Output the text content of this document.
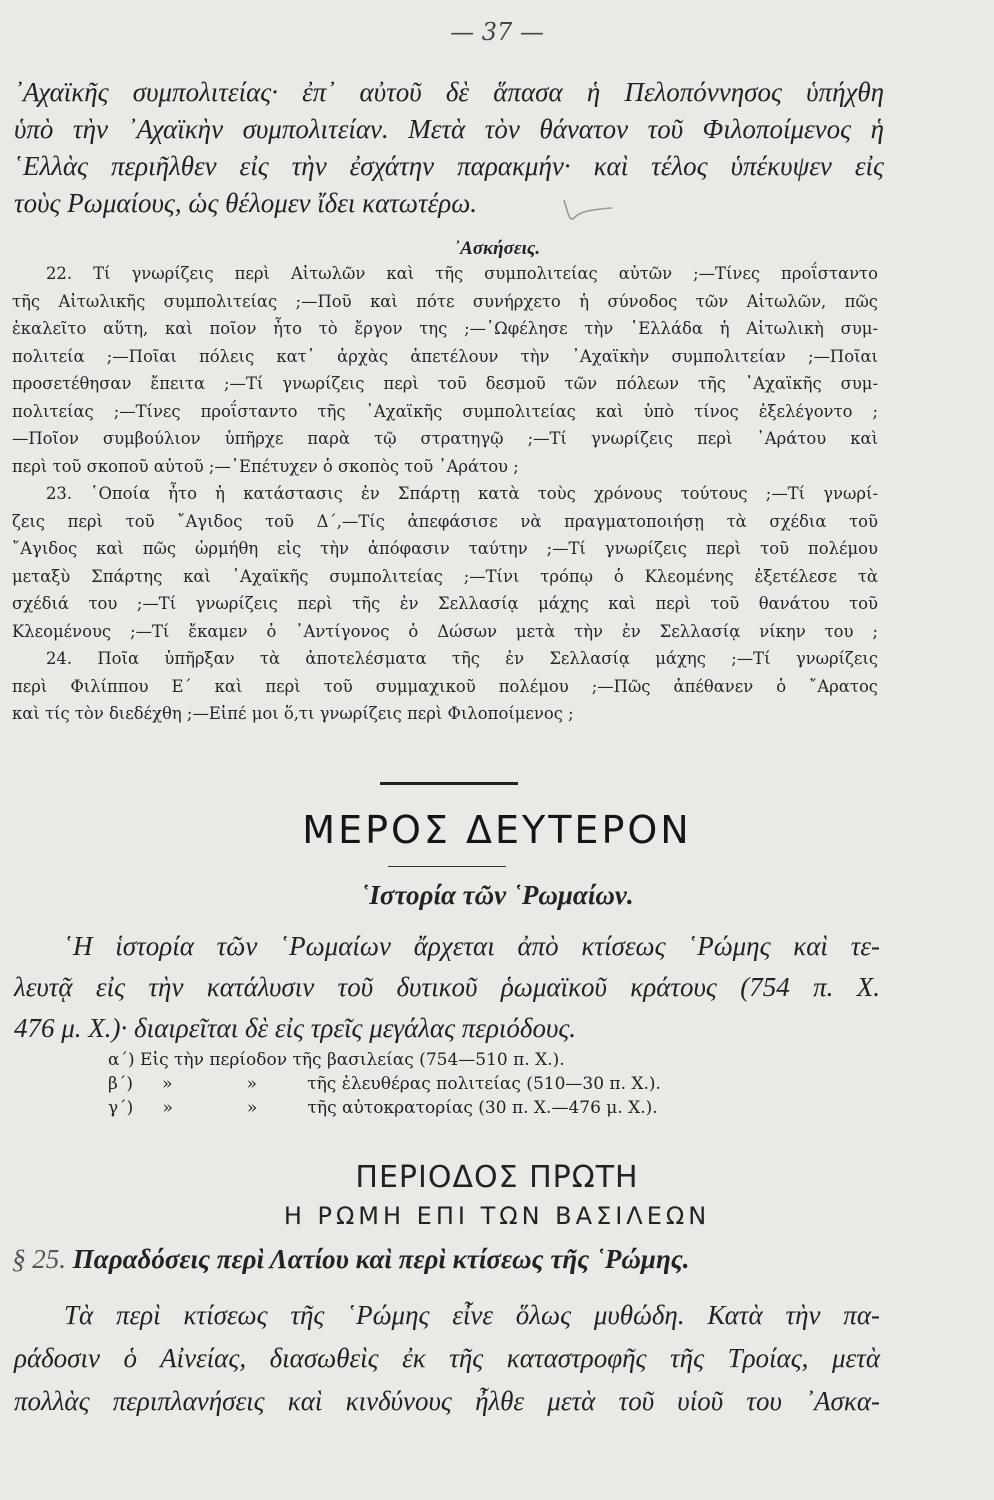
— 37 —
᾿Αχαϊκῆς συμπολιτείας· ἐπ᾿ αὐτοῦ δὲ ἅπασα ἡ Πελοπόννησος ὑπήχθη
ὑπὸ τὴν ᾿Αχαϊκὴν συμπολιτείαν. Μετὰ τὸν θάνατον τοῦ Φιλοποίμενος ἡ
῾Ελλὰς περιῆλθεν εἰς τὴν ἐσχάτην παρακμήν· καὶ τέλος ὑπέκυψεν εἰς
τοὺς Ρωμαίους, ὡς θέλομεν ἴδει κατωτέρω.
᾿Ασκήσεις.
22. Τί γνωρίζεις περὶ Αἰτωλῶν καὶ τῆς συμπολιτείας αὐτῶν ;—Τίνες προΐσταντο
τῆς Αἰτωλικῆς συμπολιτείας ;—Ποῦ καὶ πότε συνήρχετο ἡ σύνοδος τῶν Αἰτωλῶν, πῶς
ἐκαλεῖτο αὕτη, καὶ ποῖον ἦτο τὸ ἔργον της ;—᾿Ωφέλησε τὴν ῾Ελλάδα ἡ Αἰτωλικὴ συμ-
πολιτεία ;—Ποῖαι πόλεις κατ᾿ ἀρχὰς ἀπετέλουν τὴν ᾿Αχαϊκὴν συμπολιτείαν ;—Ποῖαι
προσετέθησαν ἔπειτα ;—Τί γνωρίζεις περὶ τοῦ δεσμοῦ τῶν πόλεων τῆς ᾿Αχαϊκῆς συμ-
πολιτείας ;—Τίνες προΐσταντο τῆς ᾿Αχαϊκῆς συμπολιτείας καὶ ὑπὸ τίνος ἐξελέγοντο ;
—Ποῖον συμβούλιον ὑπῆρχε παρὰ τῷ στρατηγῷ ;—Τί γνωρίζεις περὶ ᾿Αράτου καὶ
περὶ τοῦ σκοποῦ αὐτοῦ ;—᾿Επέτυχεν ὁ σκοπὸς τοῦ ᾿Αράτου ;
23. ῾Οποία ἦτο ἡ κατάστασις ἐν Σπάρτῃ κατὰ τοὺς χρόνους τούτους ;—Τί γνωρί-
ζεις περὶ τοῦ ῎Αγιδος τοῦ Δ΄,—Τίς ἀπεφάσισε νὰ πραγματοποιήσῃ τὰ σχέδια τοῦ
῎Αγιδος καὶ πῶς ὡρμήθη εἰς τὴν ἀπόφασιν ταύτην ;—Τί γνωρίζεις περὶ τοῦ πολέμου
μεταξὺ Σπάρτης καὶ ᾿Αχαϊκῆς συμπολιτείας ;—Τίνι τρόπῳ ὁ Κλεομένης ἐξετέλεσε τὰ
σχέδιά του ;—Τί γνωρίζεις περὶ τῆς ἐν Σελλασίᾳ μάχης καὶ περὶ τοῦ θανάτου τοῦ
Κλεομένους ;—Τί ἔκαμεν ὁ ᾿Αντίγονος ὁ Δώσων μετὰ τὴν ἐν Σελλασίᾳ νίκην του ;
24. Ποῖα ὑπῆρξαν τὰ ἀποτελέσματα τῆς ἐν Σελλασίᾳ μάχης ;—Τί γνωρίζεις
περὶ Φιλίππου Ε΄ καὶ περὶ τοῦ συμμαχικοῦ πολέμου ;—Πῶς ἀπέθανεν ὁ ῎Αρατος
καὶ τίς τὸν διεδέχθη ;—Εἰπέ μοι ὅ,τι γνωρίζεις περὶ Φιλοποίμενος ;
ΜΕΡΟΣ ΔΕΥΤΕΡΟΝ
῾Ιστορία τῶν ῾Ρωμαίων.
῾Η ἱστορία τῶν ῾Ρωμαίων ἄρχεται ἀπὸ κτίσεως ῾Ρώμης καὶ τε-
λευτᾷ εἰς τὴν κατάλυσιν τοῦ δυτικοῦ ῥωμαϊκοῦ κράτους (754 π. Χ.
476 μ. Χ.)· διαιρεῖται δὲ εἰς τρεῖς μεγάλας περιόδους.
α΄) Εἰς τὴν περίοδον τῆς βασιλείας (754—510 π. Χ.).
β΄) »	»	τῆς ἐλευθέρας πολιτείας (510—30 π. Χ.).
γ΄) »	»	τῆς αὐτοκρατορίας (30 π. Χ.—476 μ. Χ.).
ΠΕΡΙΟΔΟΣ ΠΡΩΤΗ
Η ΡΩΜΗ ΕΠΙ ΤΩΝ ΒΑΣΙΛΕΩΝ
§ 25. Παραδόσεις περὶ Λατίου καὶ περὶ κτίσεως τῆς ῾Ρώμης.
Τὰ περὶ κτίσεως τῆς ῾Ρώμης εἶνε ὅλως μυθώδη. Κατὰ τὴν πα-
ράδοσιν ὁ Αἰνείας, διασωθεὶς ἐκ τῆς καταστροφῆς τῆς Τροίας, μετὰ
πολλὰς περιπλανήσεις καὶ κινδύνους ἦλθε μετὰ τοῦ υἱοῦ του ᾿Ασκα-
